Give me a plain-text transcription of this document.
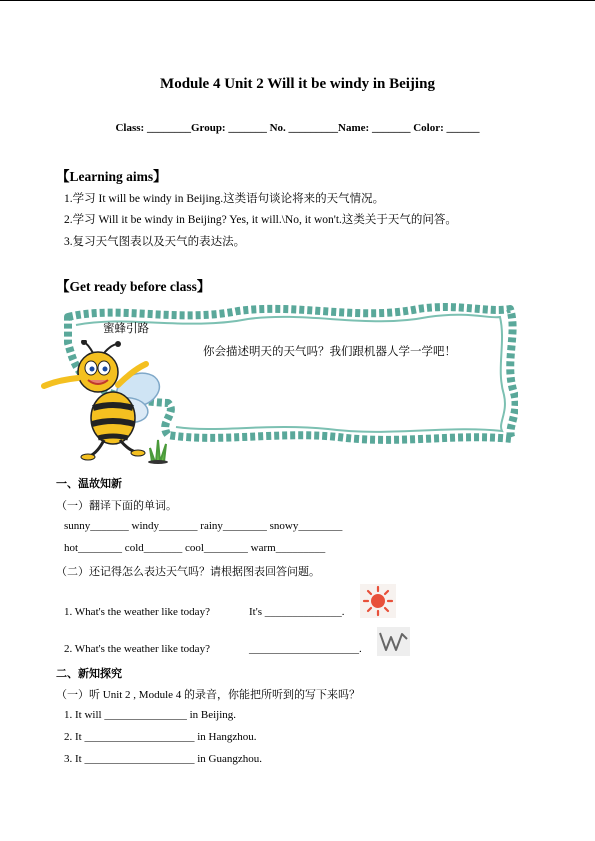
Module 4 Unit 2 Will it be windy in Beijing
Class: ________Group: _______ No. _________Name: _______ Color: ______
【Learning aims】
1.学习 It will be windy in Beijing.这类语句谈论将来的天气情况。
2.学习 Will it be windy in Beijing? Yes, it will.\No, it won't.这类关于天气的问答。
3.复习天气图表以及天气的表达法。
【Get ready before class】
蜜蜂引路
你会描述明天的天气吗？我们跟机器人学一学吧！
一、温故知新
（一）翻译下面的单词。
sunny_______ windy_______ rainy________ snowy________
hot________ cold_______ cool________ warm_________
（二）还记得怎么表达天气吗？请根据图表回答问题。
1. What's the weather like today?	It's ______________.
2. What's the weather like today?	____________________.
二、新知探究
（一）听 Unit 2 , Module 4 的录音，你能把所听到的写下来吗？
1. It will _______________ in Beijing.
2. It ____________________ in Hangzhou.
3. It ____________________ in Guangzhou.
